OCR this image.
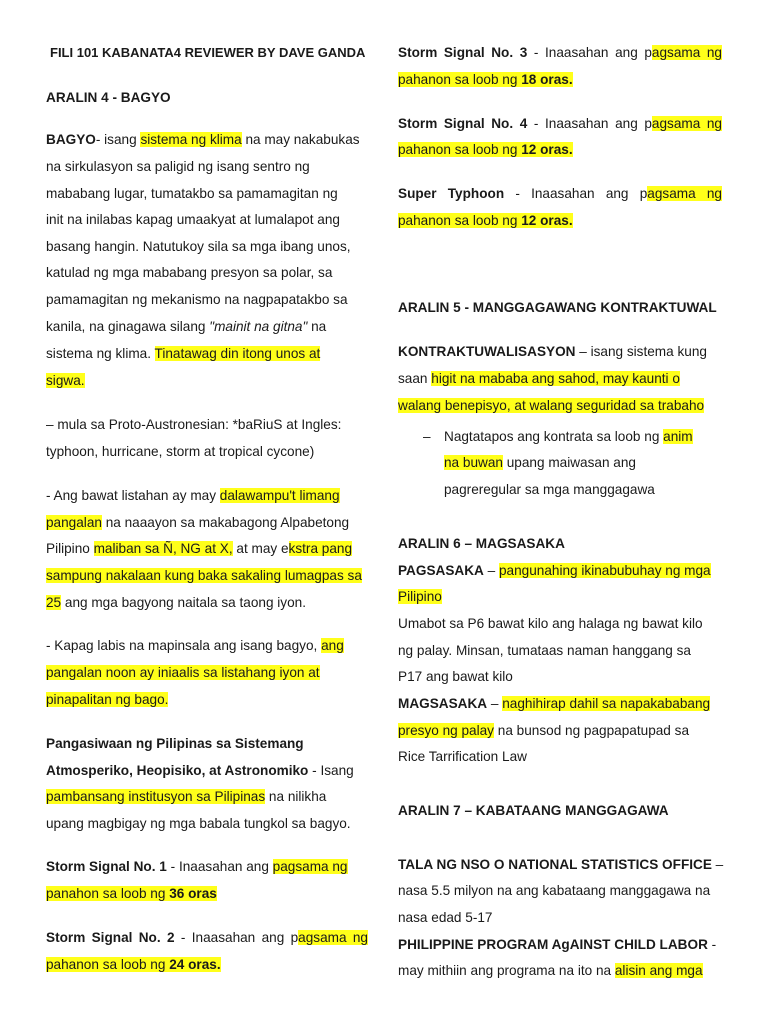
FILI 101 KABANATA4 REVIEWER BY DAVE GANDA
ARALIN 4 - BAGYO
BAGYO- isang sistema ng klima na may nakabukas
na sirkulasyon sa paligid ng isang sentro ng
mababang lugar, tumatakbo sa pamamagitan ng
init na inilabas kapag umaakyat at lumalapot ang
basang hangin. Natutukoy sila sa mga ibang unos,
katulad ng mga mababang presyon sa polar, sa
pamamagitan ng mekanismo na nagpapatakbo sa
kanila, na ginagawa silang "mainit na gitna" na
sistema ng klima. Tinatawag din itong unos at
sigwa.
– mula sa Proto-Austronesian: *baRiuS at Ingles:
typhoon, hurricane, storm at tropical cycone)
- Ang bawat listahan ay may dalawampu't limang
pangalan na naaayon sa makabagong Alpabetong
Pilipino maliban sa Ñ, NG at X, at may ekstra pang
sampung nakalaan kung baka sakaling lumagpas sa
25 ang mga bagyong naitala sa taong iyon.
- Kapag labis na mapinsala ang isang bagyo, ang
pangalan noon ay iniaalis sa listahang iyon at
pinapalitan ng bago.
Pangasiwaan ng Pilipinas sa Sistemang
Atmosperiko, Heopisiko, at Astronomiko - Isang
pambansang institusyon sa Pilipinas na nilikha
upang magbigay ng mga babala tungkol sa bagyo.
Storm Signal No. 1 - Inaasahan ang pagsama ng
panahon sa loob ng 36 oras
Storm Signal No. 2 - Inaasahan ang pagsama ng
pahanon sa loob ng 24 oras.
Storm Signal No. 3 - Inaasahan ang pagsama ng
pahanon sa loob ng 18 oras.
Storm Signal No. 4 - Inaasahan ang pagsama ng
pahanon sa loob ng 12 oras.
Super Typhoon - Inaasahan ang pagsama ng
pahanon sa loob ng 12 oras.
ARALIN 5 - MANGGAGAWANG KONTRAKTUWAL
KONTRAKTUWALISASYON – isang sistema kung
saan higit na mababa ang sahod, may kaunti o
walang benepisyo, at walang seguridad sa trabaho
– Nagtatapos ang kontrata sa loob ng anim
na buwan upang maiwasan ang
pagreregular sa mga manggagawa
ARALIN 6 – MAGSASAKA
PAGSASAKA – pangunahing ikinabubuhay ng mga
Pilipino
Umabot sa P6 bawat kilo ang halaga ng bawat kilo
ng palay. Minsan, tumataas naman hanggang sa
P17 ang bawat kilo
MAGSASAKA – naghihirap dahil sa napakababang
presyo ng palay na bunsod ng pagpapatupad sa
Rice Tarrification Law
ARALIN 7 – KABATAANG MANGGAGAWA
TALA NG NSO O NATIONAL STATISTICS OFFICE –
nasa 5.5 milyon na ang kabataang manggagawa na
nasa edad 5-17
PHILIPPINE PROGRAM AgAINST CHILD LABOR -
may mithiin ang programa na ito na alisin ang mga
